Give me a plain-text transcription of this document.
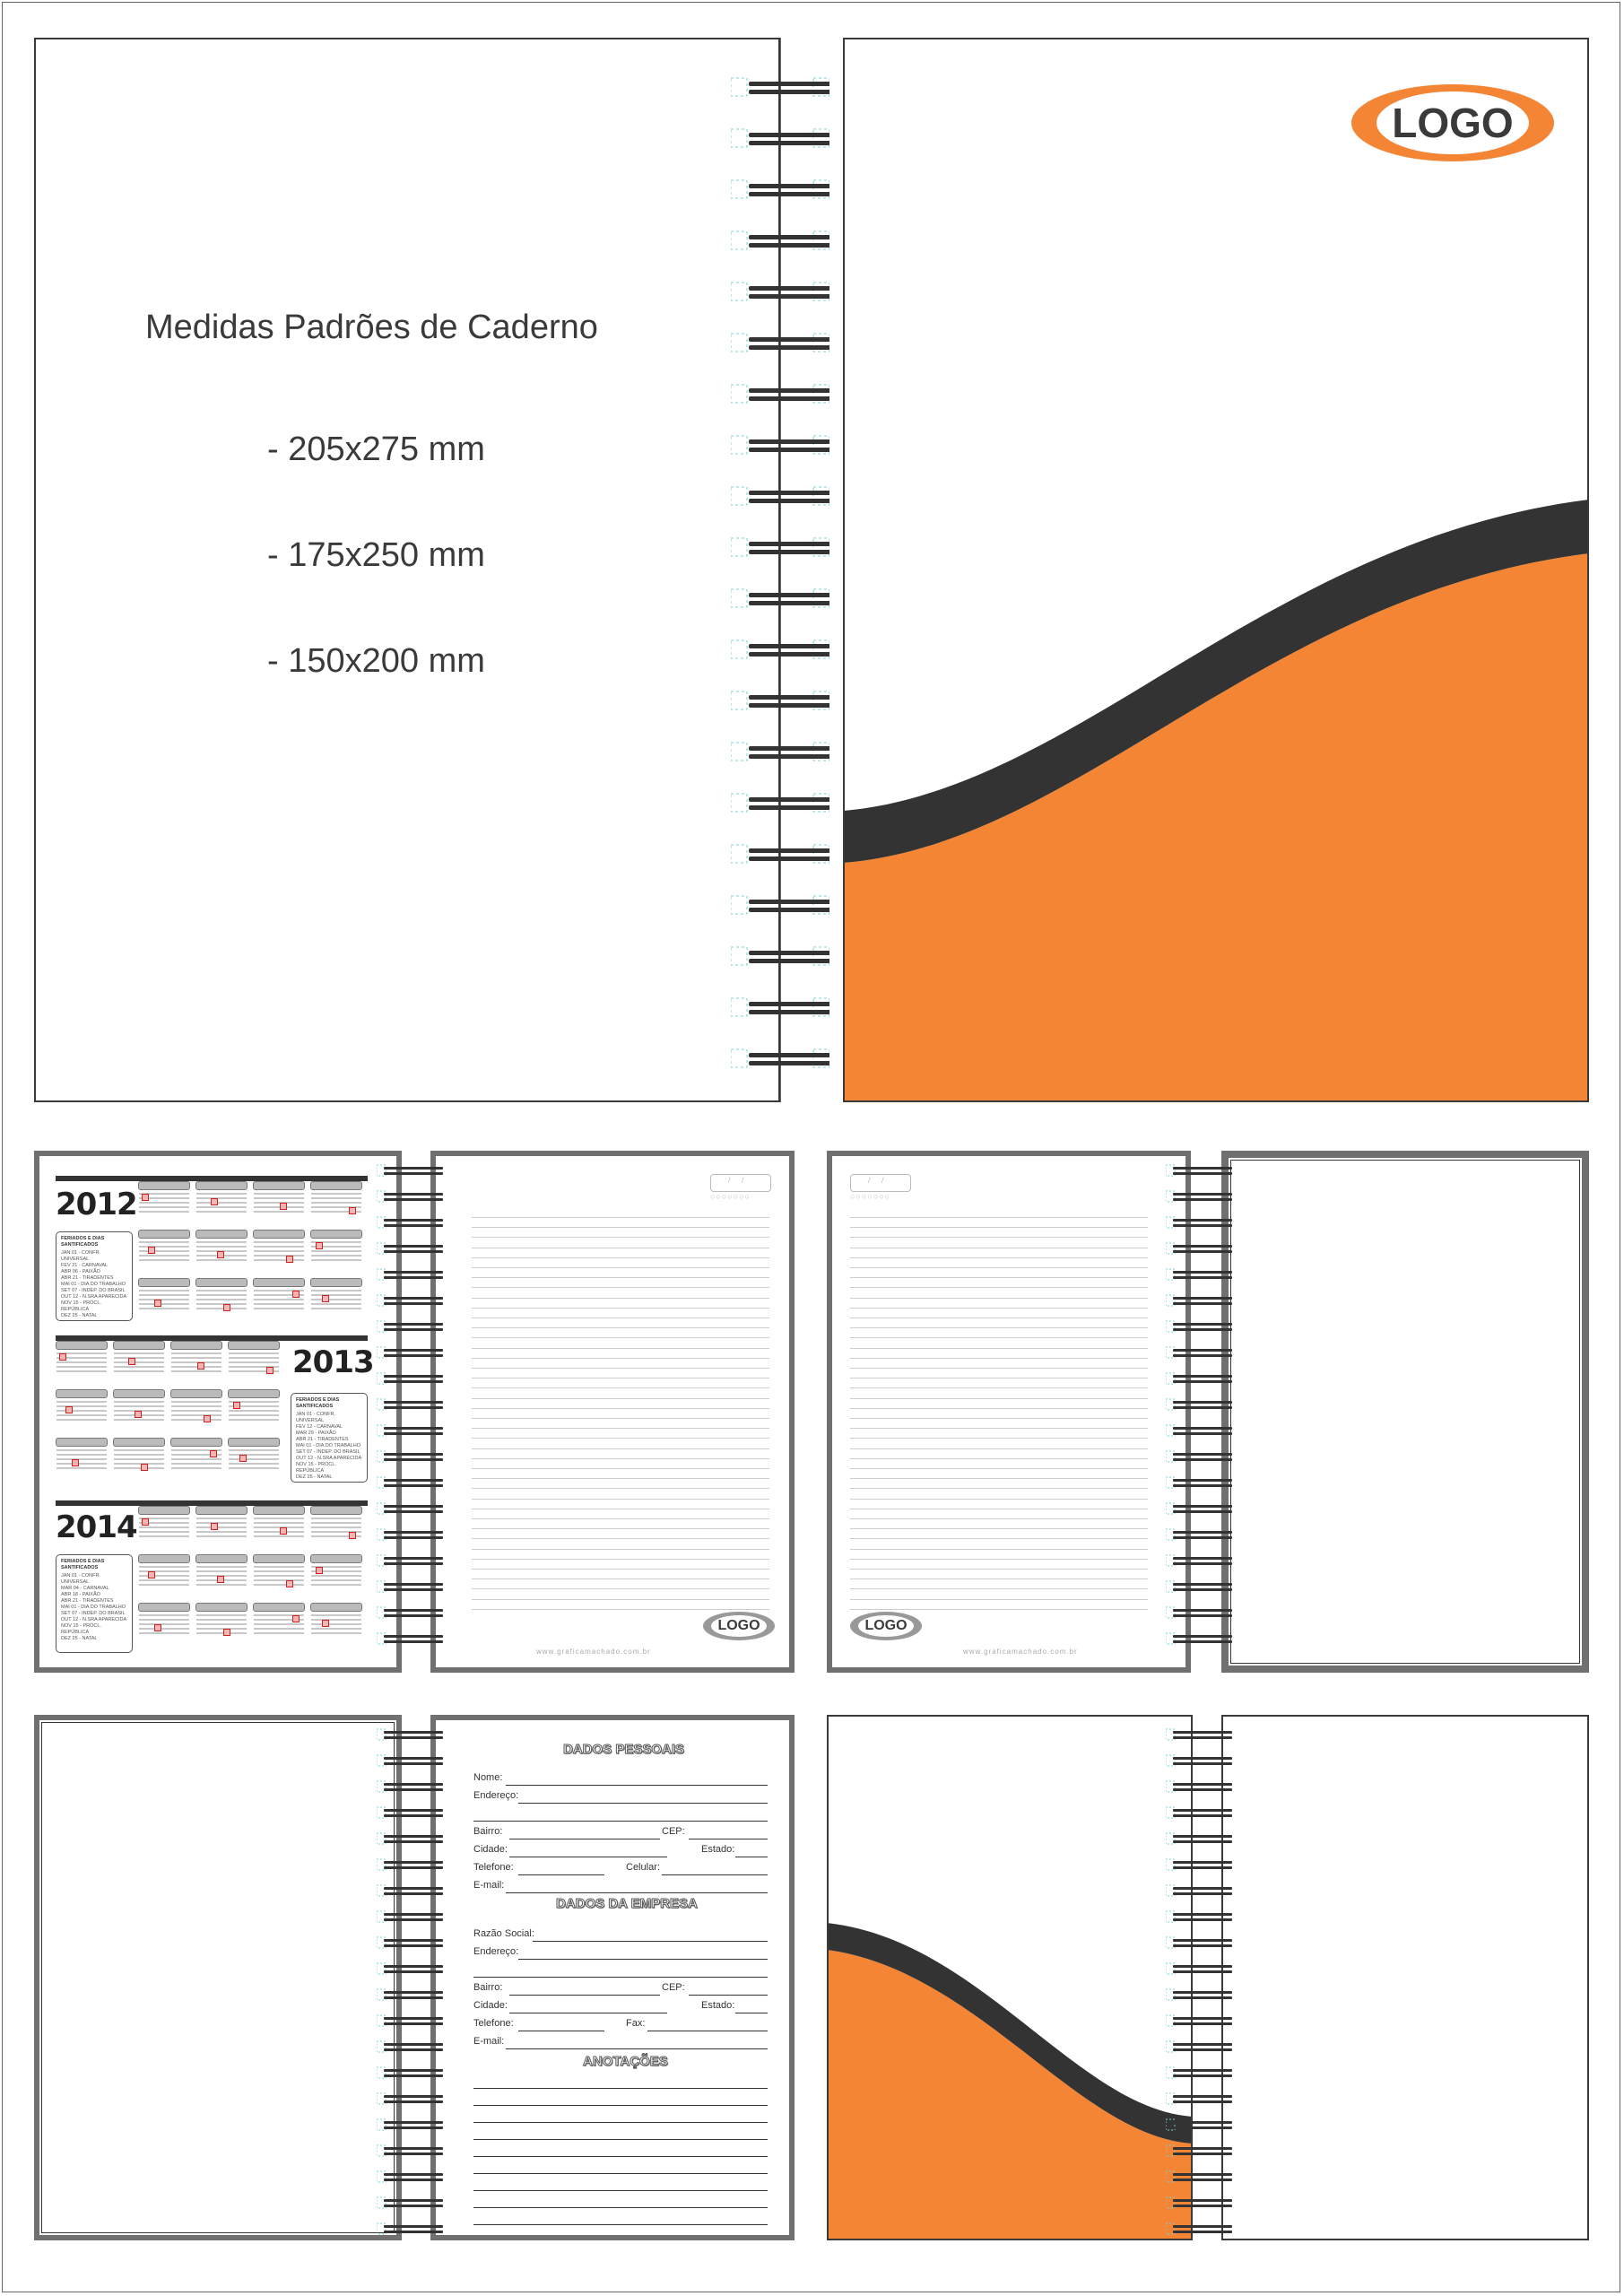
Medidas Padrões de Caderno
- 205x275 mm
- 175x250 mm
- 150x200 mm
LOGO
2012
FERIADOS E DIAS SANTIFICADOS
JAN 01 - CONFR. UNIVERSAL
FEV 21 - CARNAVAL
ABR 06 - PAIXÃO
ABR 21 - TIRADENTES
MAI 01 - DIA DO TRABALHO
SET 07 - INDEP. DO BRASIL
OUT 12 - N.SRA APARECIDA
NOV 15 - PROCL. REPÚBLICA
DEZ 25 - NATAL
2013
FERIADOS E DIAS SANTIFICADOS
JAN 01 - CONFR. UNIVERSAL
FEV 12 - CARNAVAL
MAR 29 - PAIXÃO
ABR 21 - TIRADENTES
MAI 01 - DIA DO TRABALHO
SET 07 - INDEP. DO BRASIL
OUT 12 - N.SRA APARECIDA
NOV 15 - PROCL. REPÚBLICA
DEZ 25 - NATAL
2014
FERIADOS E DIAS SANTIFICADOS
JAN 01 - CONFR. UNIVERSAL
MAR 04 - CARNAVAL
ABR 18 - PAIXÃO
ABR 21 - TIRADENTES
MAI 01 - DIA DO TRABALHO
SET 07 - INDEP. DO BRASIL
OUT 12 - N.SRA APARECIDA
NOV 15 - PROCL. REPÚBLICA
DEZ 25 - NATAL
/     /
○○○○○○○
LOGO
www.graficamachado.com.br
/     /
○○○○○○○
LOGO
www.graficamachado.com.br
DADOS PESSOAIS
Nome:
Endereço:
Bairro:	CEP:
Cidade:	Estado:
Telefone:	Celular:
E-mail:
DADOS DA EMPRESA
Razão Social:
Endereço:
Bairro:	CEP:
Cidade:	Estado:
Telefone:	Fax:
E-mail:
ANOTAÇÕES
